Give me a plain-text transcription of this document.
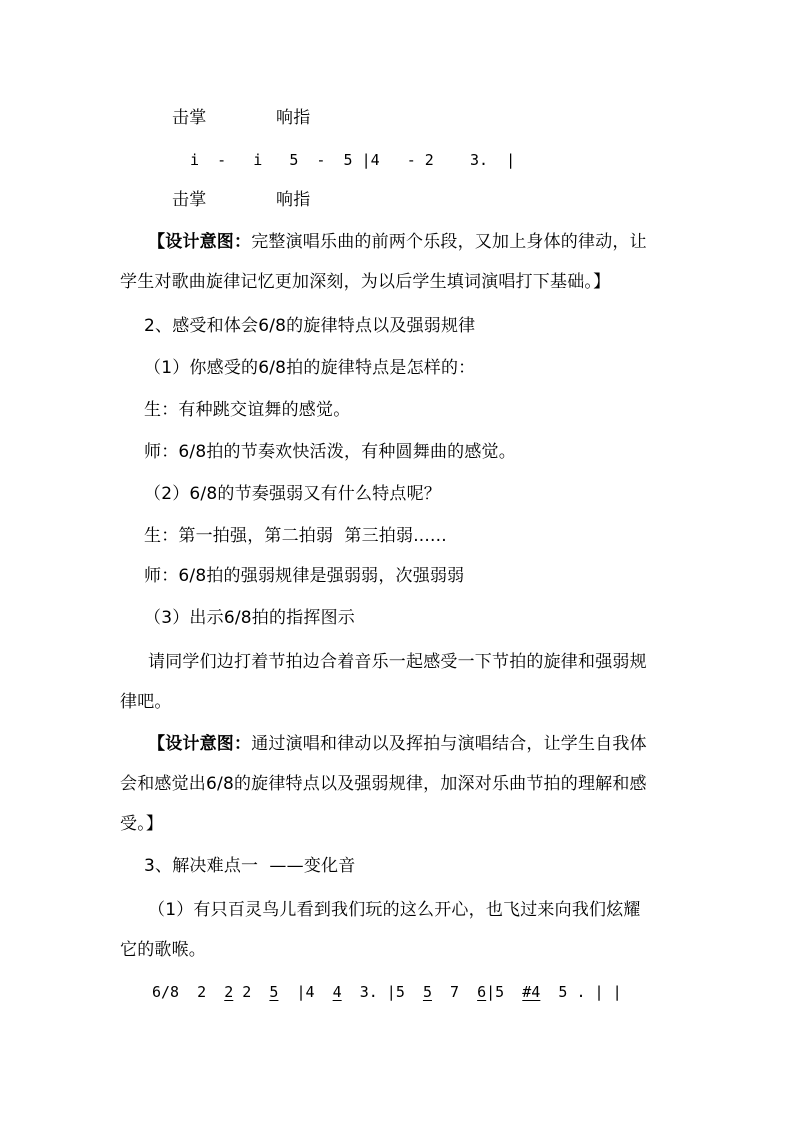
击掌	响指
i  -   i   5  -  5 |4   - 2    3.  |
击掌	响指
【设计意图：完整演唱乐曲的前两个乐段，又加上身体的律动，让
学生对歌曲旋律记忆更加深刻，为以后学生填词演唱打下基础。】
2、感受和体会6/8的旋律特点以及强弱规律
（1）你感受的6/8拍的旋律特点是怎样的：
生：有种跳交谊舞的感觉。
师：6/8拍的节奏欢快活泼，有种圆舞曲的感觉。
（2）6/8的节奏强弱又有什么特点呢？
生：第一拍强，第二拍弱  第三拍弱......
师：6/8拍的强弱规律是强弱弱，次强弱弱
（3）出示6/8拍的指挥图示
请同学们边打着节拍边合着音乐一起感受一下节拍的旋律和强弱规
律吧。
【设计意图：通过演唱和律动以及挥拍与演唱结合，让学生自我体
会和感觉出6/8的旋律特点以及强弱规律，加深对乐曲节拍的理解和感
受。】
3、解决难点一  ——变化音
（1）有只百灵鸟儿看到我们玩的这么开心，也飞过来向我们炫耀
它的歌喉。
6/8  2  2 2  5  |4  4  3. |5  5  7  6|5  #4  5 . | |
